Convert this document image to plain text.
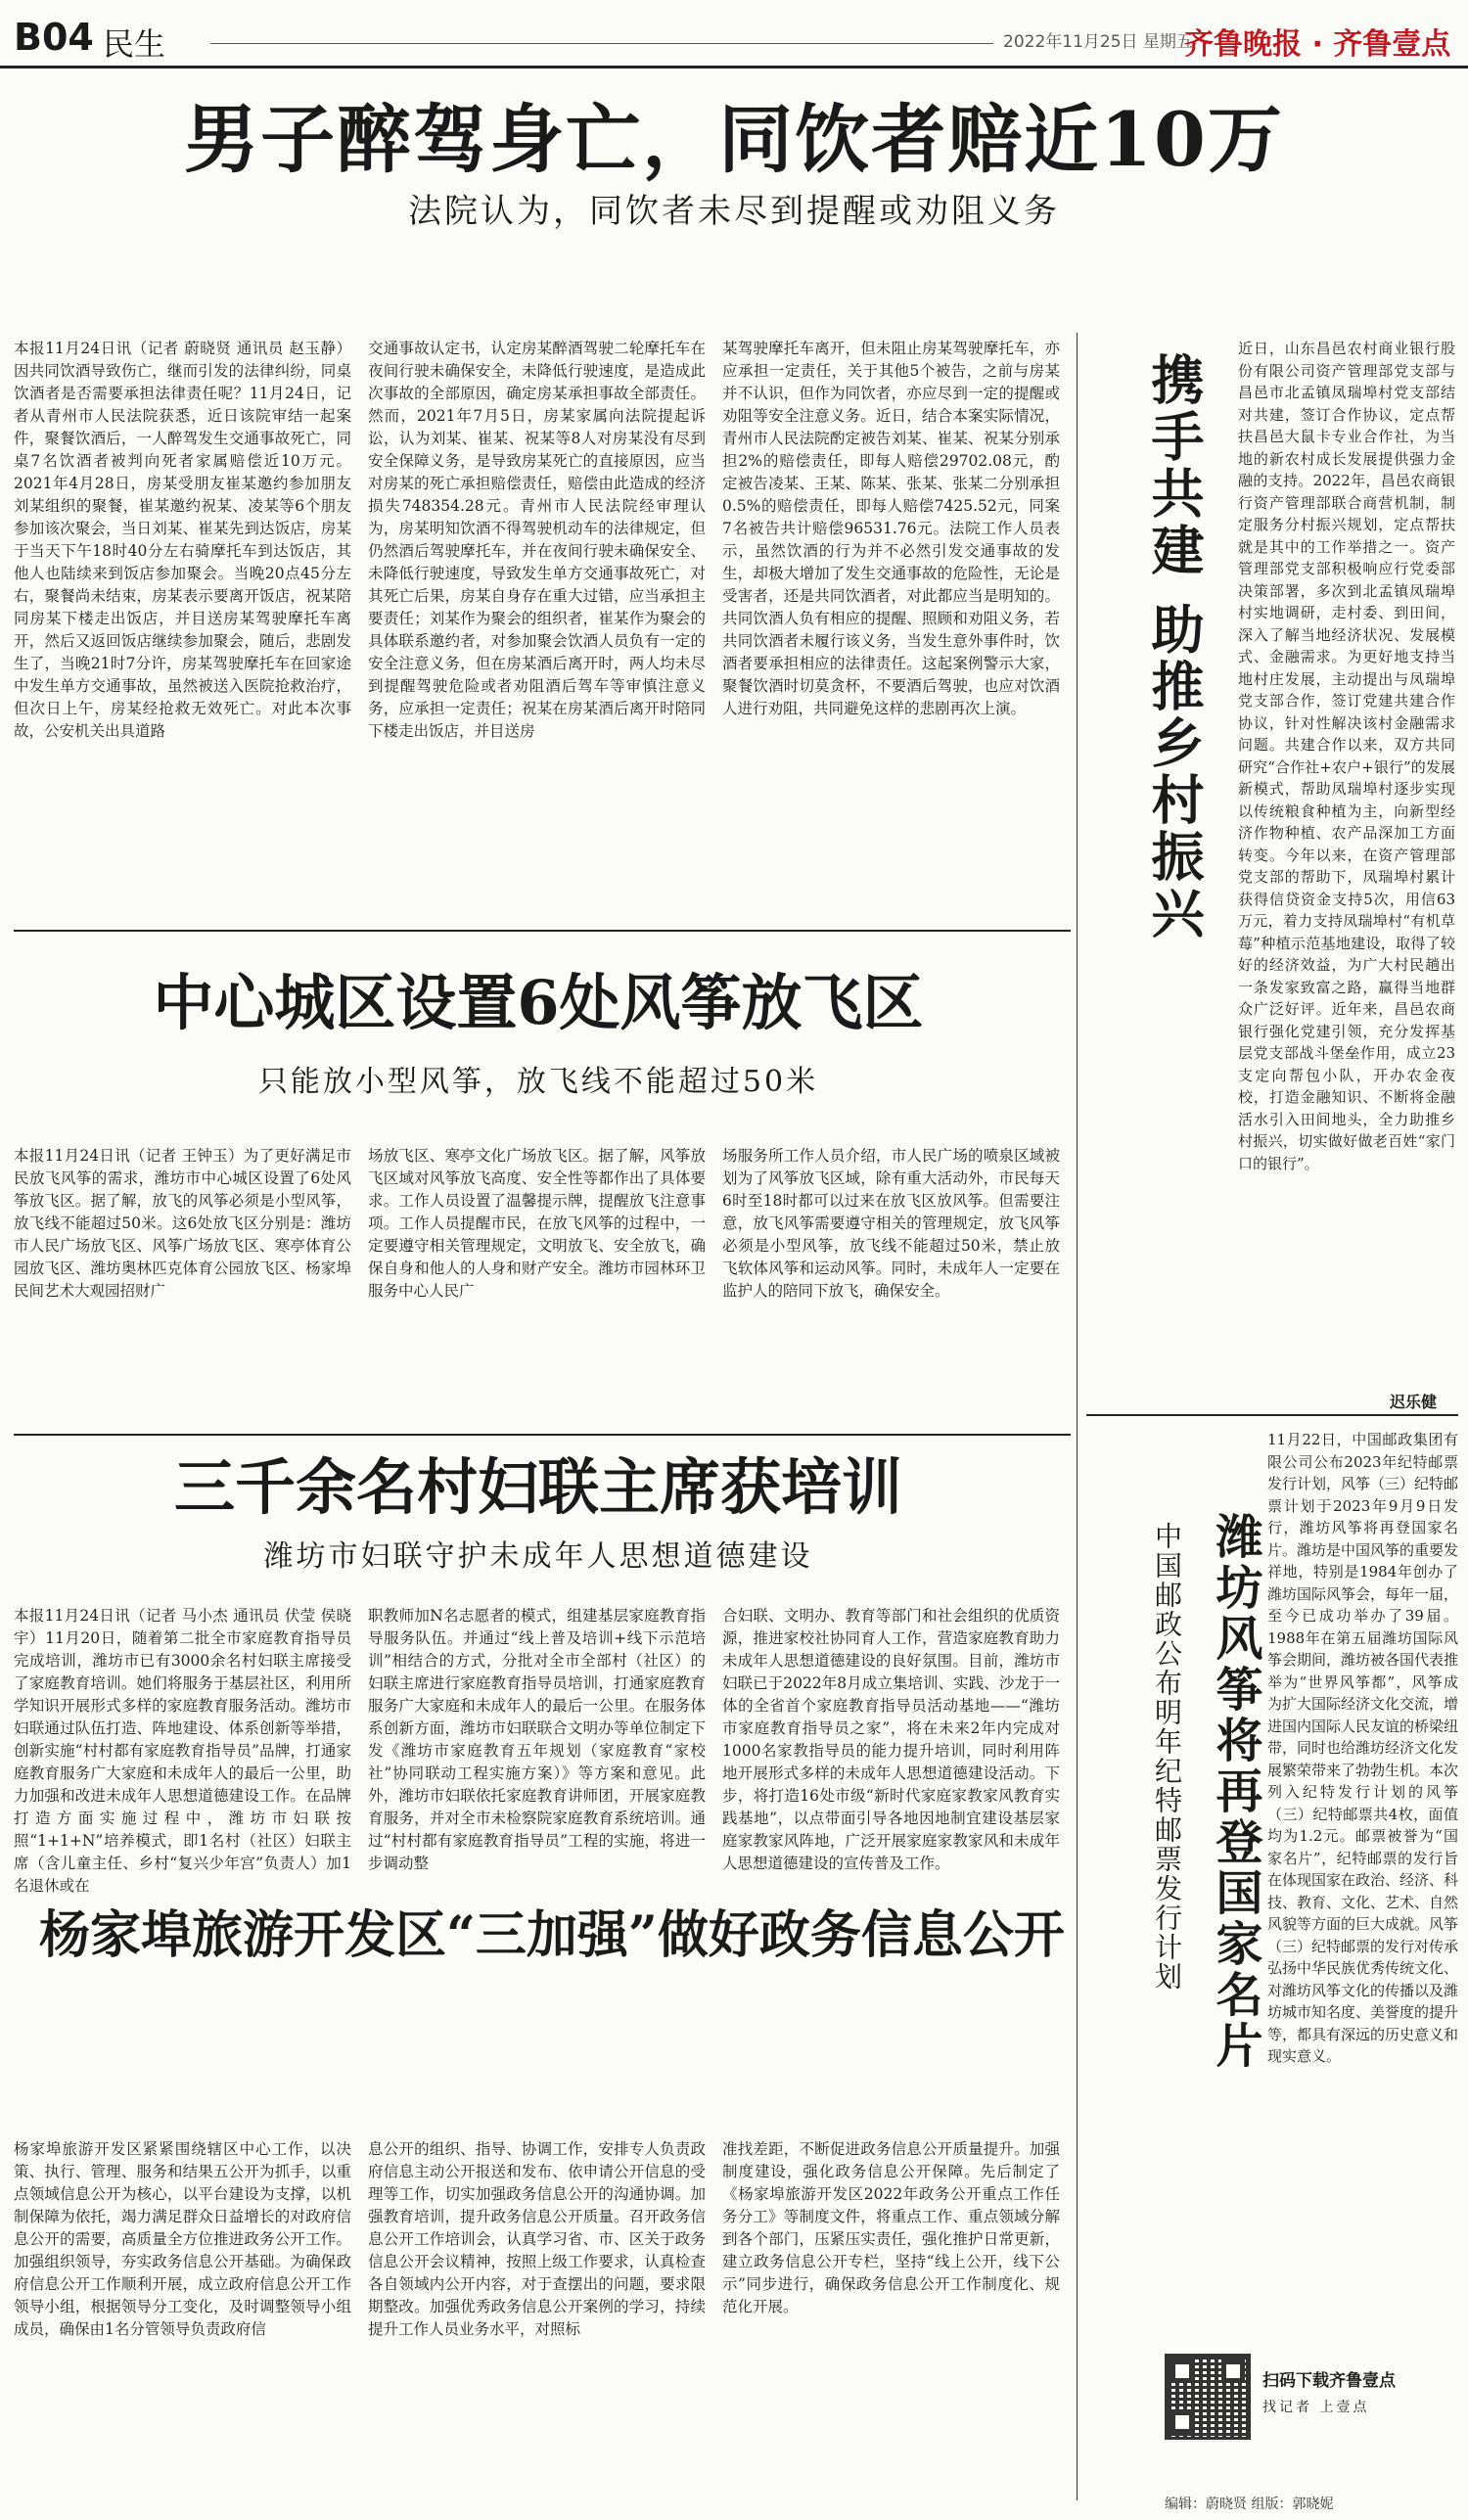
B04 民生	2022年11月25日 星期五
齐鲁晚报 · 齐鲁壹点
男子醉驾身亡，同饮者赔近10万
法院认为，同饮者未尽到提醒或劝阻义务

本报11月24日讯（记者 蔚晓贤 通讯员 赵玉静）因共同饮酒导致伤亡，继而引发的法律纠纷，同桌饮酒者是否需要承担法律责任呢？11月24日，记者从青州市人民法院获悉，近日该院审结一起案件，聚餐饮酒后，一人醉驾发生交通事故死亡，同桌7名饮酒者被判向死者家属赔偿近10万元。2021年4月28日，房某受朋友崔某邀约参加朋友刘某组织的聚餐，崔某邀约祝某、凌某等6个朋友参加该次聚会，当日刘某、崔某先到达饭店，房某于当天下午18时40分左右骑摩托车到达饭店，其他人也陆续来到饭店参加聚会。当晚20点45分左右，聚餐尚未结束，房某表示要离开饭店，祝某陪同房某下楼走出饭店，并目送房某驾驶摩托车离开，然后又返回饭店继续参加聚会，随后，悲剧发生了，当晚21时7分许，房某驾驶摩托车在回家途中发生单方交通事故，虽然被送入医院抢救治疗，但次日上午，房某经抢救无效死亡。对此本次事故，公安机关出具道路

交通事故认定书，认定房某醉酒驾驶二轮摩托车在夜间行驶未确保安全，未降低行驶速度，是造成此次事故的全部原因，确定房某承担事故全部责任。然而，2021年7月5日，房某家属向法院提起诉讼，认为刘某、崔某、祝某等8人对房某没有尽到安全保障义务，是导致房某死亡的直接原因，应当对房某的死亡承担赔偿责任，赔偿由此造成的经济损失748354.28元。青州市人民法院经审理认为，房某明知饮酒不得驾驶机动车的法律规定，但仍然酒后驾驶摩托车，并在夜间行驶未确保安全、未降低行驶速度，导致发生单方交通事故死亡，对其死亡后果，房某自身存在重大过错，应当承担主要责任；刘某作为聚会的组织者，崔某作为聚会的具体联系邀约者，对参加聚会饮酒人员负有一定的安全注意义务，但在房某酒后离开时，两人均未尽到提醒驾驶危险或者劝阻酒后驾车等审慎注意义务，应承担一定责任；祝某在房某酒后离开时陪同下楼走出饭店，并目送房

某驾驶摩托车离开，但未阻止房某驾驶摩托车，亦应承担一定责任，关于其他5个被告，之前与房某并不认识，但作为同饮者，亦应尽到一定的提醒或劝阻等安全注意义务。近日，结合本案实际情况，青州市人民法院酌定被告刘某、崔某、祝某分别承担2%的赔偿责任，即每人赔偿29702.08元，酌定被告凌某、王某、陈某、张某、张某二分别承担0.5%的赔偿责任，即每人赔偿7425.52元，同案7名被告共计赔偿96531.76元。法院工作人员表示，虽然饮酒的行为并不必然引发交通事故的发生，却极大增加了发生交通事故的危险性，无论是受害者，还是共同饮酒者，对此都应当是明知的。共同饮酒人负有相应的提醒、照顾和劝阻义务，若共同饮酒者未履行该义务，当发生意外事件时，饮酒者要承担相应的法律责任。这起案例警示大家，聚餐饮酒时切莫贪杯，不要酒后驾驶，也应对饮酒人进行劝阻，共同避免这样的悲剧再次上演。

中心城区设置6处风筝放飞区
只能放小型风筝，放飞线不能超过50米

本报11月24日讯（记者 王钟玉）为了更好满足市民放飞风筝的需求，潍坊市中心城区设置了6处风筝放飞区。据了解，放飞的风筝必须是小型风筝，放飞线不能超过50米。这6处放飞区分别是：潍坊市人民广场放飞区、风筝广场放飞区、寒亭体育公园放飞区、潍坊奥林匹克体育公园放飞区、杨家埠民间艺术大观园招财广

场放飞区、寒亭文化广场放飞区。据了解，风筝放飞区域对风筝放飞高度、安全性等都作出了具体要求。工作人员设置了温馨提示牌，提醒放飞注意事项。工作人员提醒市民，在放飞风筝的过程中，一定要遵守相关管理规定，文明放飞、安全放飞，确保自身和他人的人身和财产安全。潍坊市园林环卫服务中心人民广

场服务所工作人员介绍，市人民广场的喷泉区域被划为了风筝放飞区域，除有重大活动外，市民每天6时至18时都可以过来在放飞区放风筝。但需要注意，放飞风筝需要遵守相关的管理规定，放飞风筝必须是小型风筝，放飞线不能超过50米，禁止放飞软体风筝和运动风筝。同时，未成年人一定要在监护人的陪同下放飞，确保安全。

三千余名村妇联主席获培训
潍坊市妇联守护未成年人思想道德建设

本报11月24日讯（记者 马小杰 通讯员 伏莹 侯晓宇）11月20日，随着第二批全市家庭教育指导员完成培训，潍坊市已有3000余名村妇联主席接受了家庭教育培训。她们将服务于基层社区，利用所学知识开展形式多样的家庭教育服务活动。潍坊市妇联通过队伍打造、阵地建设、体系创新等举措，创新实施“村村都有家庭教育指导员”品牌，打通家庭教育服务广大家庭和未成年人的最后一公里，助力加强和改进未成年人思想道德建设工作。在品牌打造方面实施过程中，潍坊市妇联按照“1+1+N”培养模式，即1名村（社区）妇联主席（含儿童主任、乡村“复兴少年宫”负责人）加1名退休或在

职教师加N名志愿者的模式，组建基层家庭教育指导服务队伍。并通过“线上普及培训+线下示范培训”相结合的方式，分批对全市全部村（社区）的妇联主席进行家庭教育指导员培训，打通家庭教育服务广大家庭和未成年人的最后一公里。在服务体系创新方面，潍坊市妇联联合文明办等单位制定下发《潍坊市家庭教育五年规划（家庭教育“家校社”协同联动工程实施方案）》等方案和意见。此外，潍坊市妇联依托家庭教育讲师团，开展家庭教育服务，并对全市未检察院家庭教育系统培训。通过“村村都有家庭教育指导员”工程的实施，将进一步调动整

合妇联、文明办、教育等部门和社会组织的优质资源，推进家校社协同育人工作，营造家庭教育助力未成年人思想道德建设的良好氛围。目前，潍坊市妇联已于2022年8月成立集培训、实践、沙龙于一体的全省首个家庭教育指导员活动基地——“潍坊市家庭教育指导员之家”，将在未来2年内完成对1000名家教指导员的能力提升培训，同时利用阵地开展形式多样的未成年人思想道德建设活动。下步，将打造16处市级“新时代家庭家教家风教育实践基地”，以点带面引导各地因地制宜建设基层家庭家教家风阵地，广泛开展家庭家教家风和未成年人思想道德建设的宣传普及工作。

杨家埠旅游开发区“三加强”做好政务信息公开

杨家埠旅游开发区紧紧围绕辖区中心工作，以决策、执行、管理、服务和结果五公开为抓手，以重点领域信息公开为核心，以平台建设为支撑，以机制保障为依托，竭力满足群众日益增长的对政府信息公开的需要，高质量全方位推进政务公开工作。加强组织领导，夯实政务信息公开基础。为确保政府信息公开工作顺利开展，成立政府信息公开工作领导小组，根据领导分工变化，及时调整领导小组成员，确保由1名分管领导负责政府信

息公开的组织、指导、协调工作，安排专人负责政府信息主动公开报送和发布、依申请公开信息的受理等工作，切实加强政务信息公开的沟通协调。加强教育培训，提升政务信息公开质量。召开政务信息公开工作培训会，认真学习省、市、区关于政务信息公开会议精神，按照上级工作要求，认真检查各自领域内公开内容，对于查摆出的问题，要求限期整改。加强优秀政务信息公开案例的学习，持续提升工作人员业务水平，对照标

准找差距，不断促进政务信息公开质量提升。加强制度建设，强化政务信息公开保障。先后制定了《杨家埠旅游开发区2022年政务公开重点工作任务分工》等制度文件，将重点工作、重点领域分解到各个部门，压紧压实责任，强化推护日常更新，建立政务信息公开专栏，坚持“线上公开，线下公示”同步进行，确保政务信息公开工作制度化、规范化开展。

携手共建 助推乡村振兴

近日，山东昌邑农村商业银行股份有限公司资产管理部党支部与昌邑市北孟镇凤瑞埠村党支部结对共建，签订合作协议，定点帮扶昌邑大鼠卡专业合作社，为当地的新农村成长发展提供强力金融的支持。2022年，昌邑农商银行资产管理部联合商营机制，制定服务分村振兴规划，定点帮扶就是其中的工作举措之一。资产管理部党支部积极响应行党委部决策部署，多次到北孟镇凤瑞埠村实地调研，走村委、到田间，深入了解当地经济状况、发展模式、金融需求。为更好地支持当地村庄发展，主动提出与凤瑞埠党支部合作，签订党建共建合作协议，针对性解决该村金融需求问题。共建合作以来，双方共同研究“合作社+农户+银行”的发展新模式，帮助凤瑞埠村逐步实现以传统粮食种植为主，向新型经济作物种植、农产品深加工方面转变。今年以来，在资产管理部党支部的帮助下，凤瑞埠村累计获得信贷资金支持5次，用信63万元，着力支持凤瑞埠村“有机草莓”种植示范基地建设，取得了较好的经济效益，为广大村民趟出一条发家致富之路，赢得当地群众广泛好评。近年来，昌邑农商银行强化党建引领，充分发挥基层党支部战斗堡垒作用，成立23支定向帮包小队，开办农金夜校，打造金融知识、不断将金融活水引入田间地头，全力助推乡村振兴，切实做好做老百姓“家门口的银行”。

迟乐健
潍坊风筝将再登国家名片
中国邮政公布明年纪特邮票发行计划

11月22日，中国邮政集团有限公司公布2023年纪特邮票发行计划，风筝（三）纪特邮票计划于2023年9月9日发行，潍坊风筝将再登国家名片。潍坊是中国风筝的重要发祥地，特别是1984年创办了潍坊国际风筝会，每年一届，至今已成功举办了39届。1988年在第五届潍坊国际风筝会期间，潍坊被各国代表推举为“世界风筝都”，风筝成为扩大国际经济文化交流，增进国内国际人民友谊的桥梁纽带，同时也给潍坊经济文化发展繁荣带来了勃勃生机。本次列入纪特发行计划的风筝（三）纪特邮票共4枚，面值均为1.2元。邮票被誉为“国家名片”，纪特邮票的发行旨在体现国家在政治、经济、科技、教育、文化、艺术、自然风貌等方面的巨大成就。风筝（三）纪特邮票的发行对传承弘扬中华民族优秀传统文化、对潍坊风筝文化的传播以及潍坊城市知名度、美誉度的提升等，都具有深远的历史意义和现实意义。

扫码下载齐鲁壹点
找记者 上壹点
编辑：蔚晓贤 组版：郭晓妮
